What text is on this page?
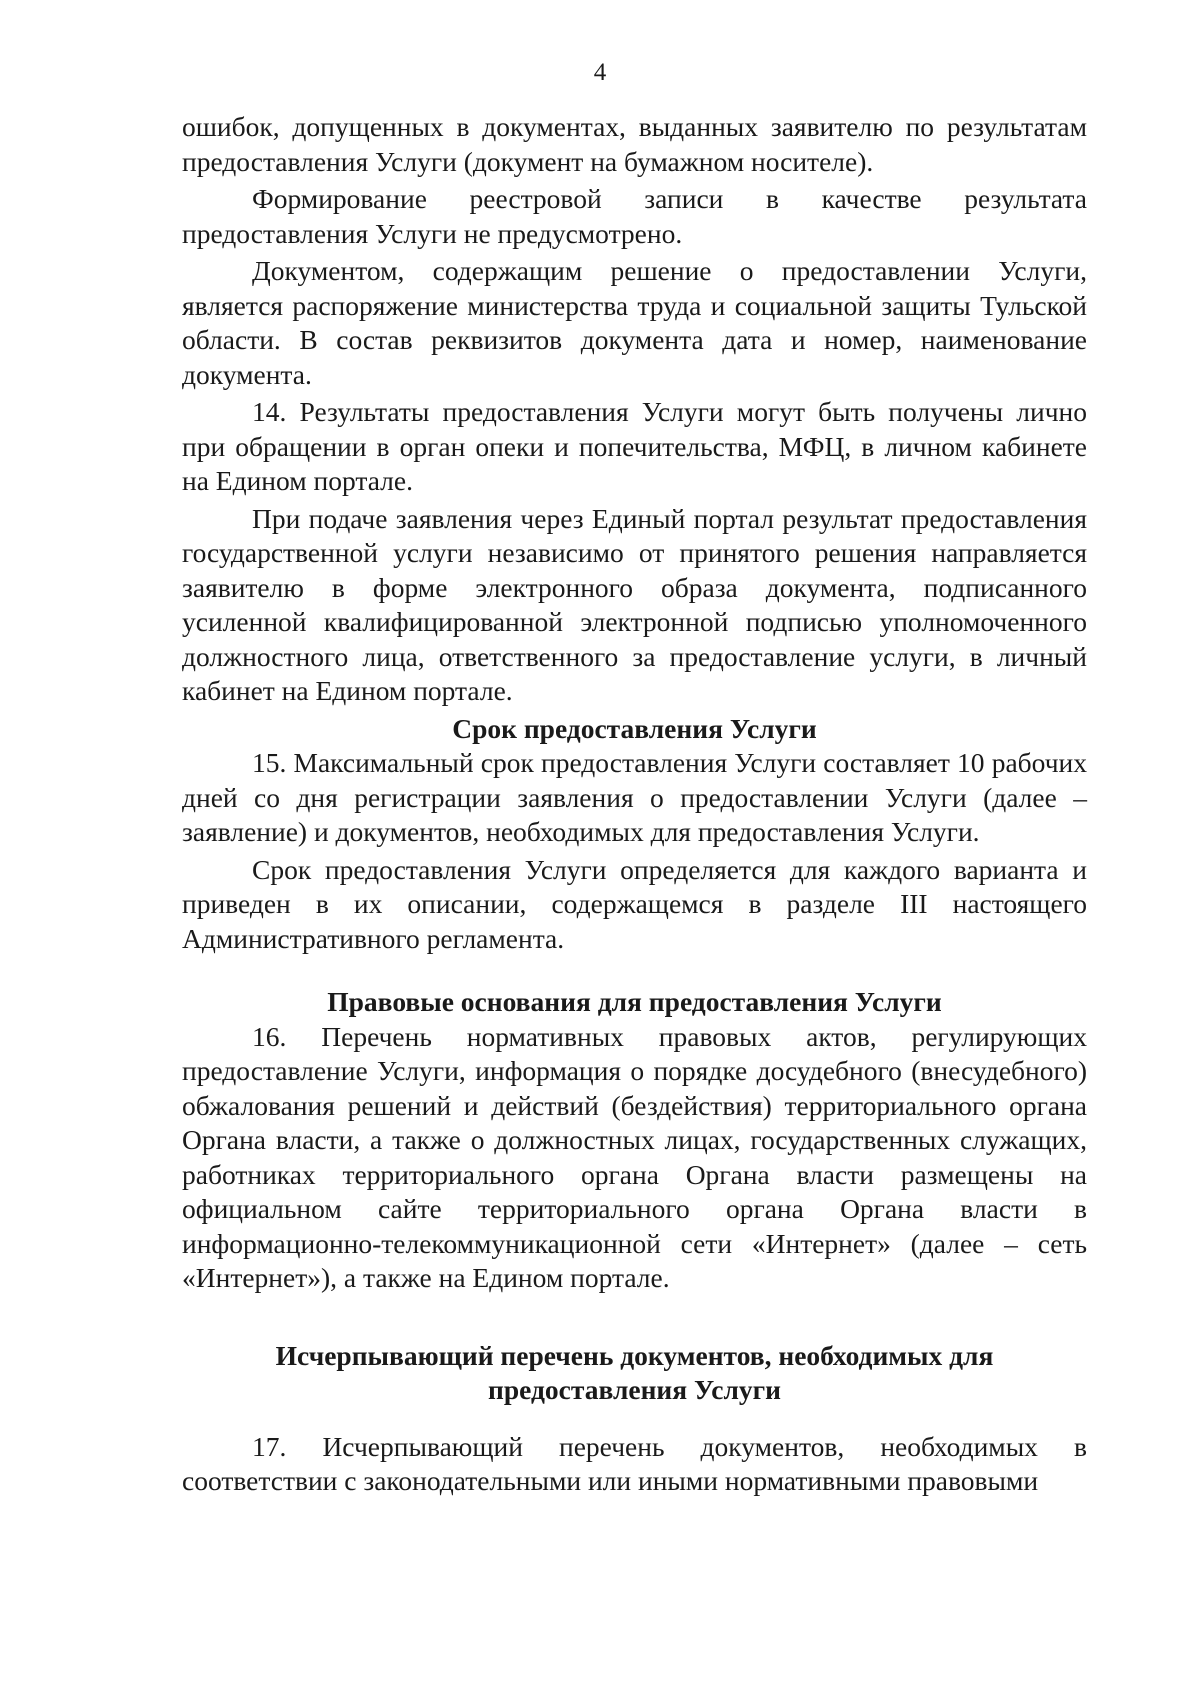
4

ошибок, допущенных в документах, выданных заявителю по результатам предоставления Услуги (документ на бумажном носителе).

Формирование реестровой записи в качестве результата предоставления Услуги не предусмотрено.

Документом, содержащим решение о предоставлении Услуги, является распоряжение министерства труда и социальной защиты Тульской области. В состав реквизитов документа дата и номер, наименование документа.

14. Результаты предоставления Услуги могут быть получены лично при обращении в орган опеки и попечительства, МФЦ, в личном кабинете на Едином портале.

При подаче заявления через Единый портал результат предоставления государственной услуги независимо от принятого решения направляется заявителю в форме электронного образа документа, подписанного усиленной квалифицированной электронной подписью уполномоченного должностного лица, ответственного за предоставление услуги, в личный кабинет на Едином портале.

Срок предоставления Услуги

15. Максимальный срок предоставления Услуги составляет 10 рабочих дней со дня регистрации заявления о предоставлении Услуги (далее – заявление) и документов, необходимых для предоставления Услуги.

Срок предоставления Услуги определяется для каждого варианта и приведен в их описании, содержащемся в разделе III настоящего Административного регламента.

Правовые основания для предоставления Услуги

16. Перечень нормативных правовых актов, регулирующих предоставление Услуги, информация о порядке досудебного (внесудебного) обжалования решений и действий (бездействия) территориального органа Органа власти, а также о должностных лицах, государственных служащих, работниках территориального органа Органа власти размещены на официальном сайте территориального органа Органа власти в информационно-телекоммуникационной сети «Интернет» (далее – сеть «Интернет»), а также на Едином портале.

Исчерпывающий перечень документов, необходимых для
предоставления Услуги

17. Исчерпывающий перечень документов, необходимых в соответствии с законодательными или иными нормативными правовыми
